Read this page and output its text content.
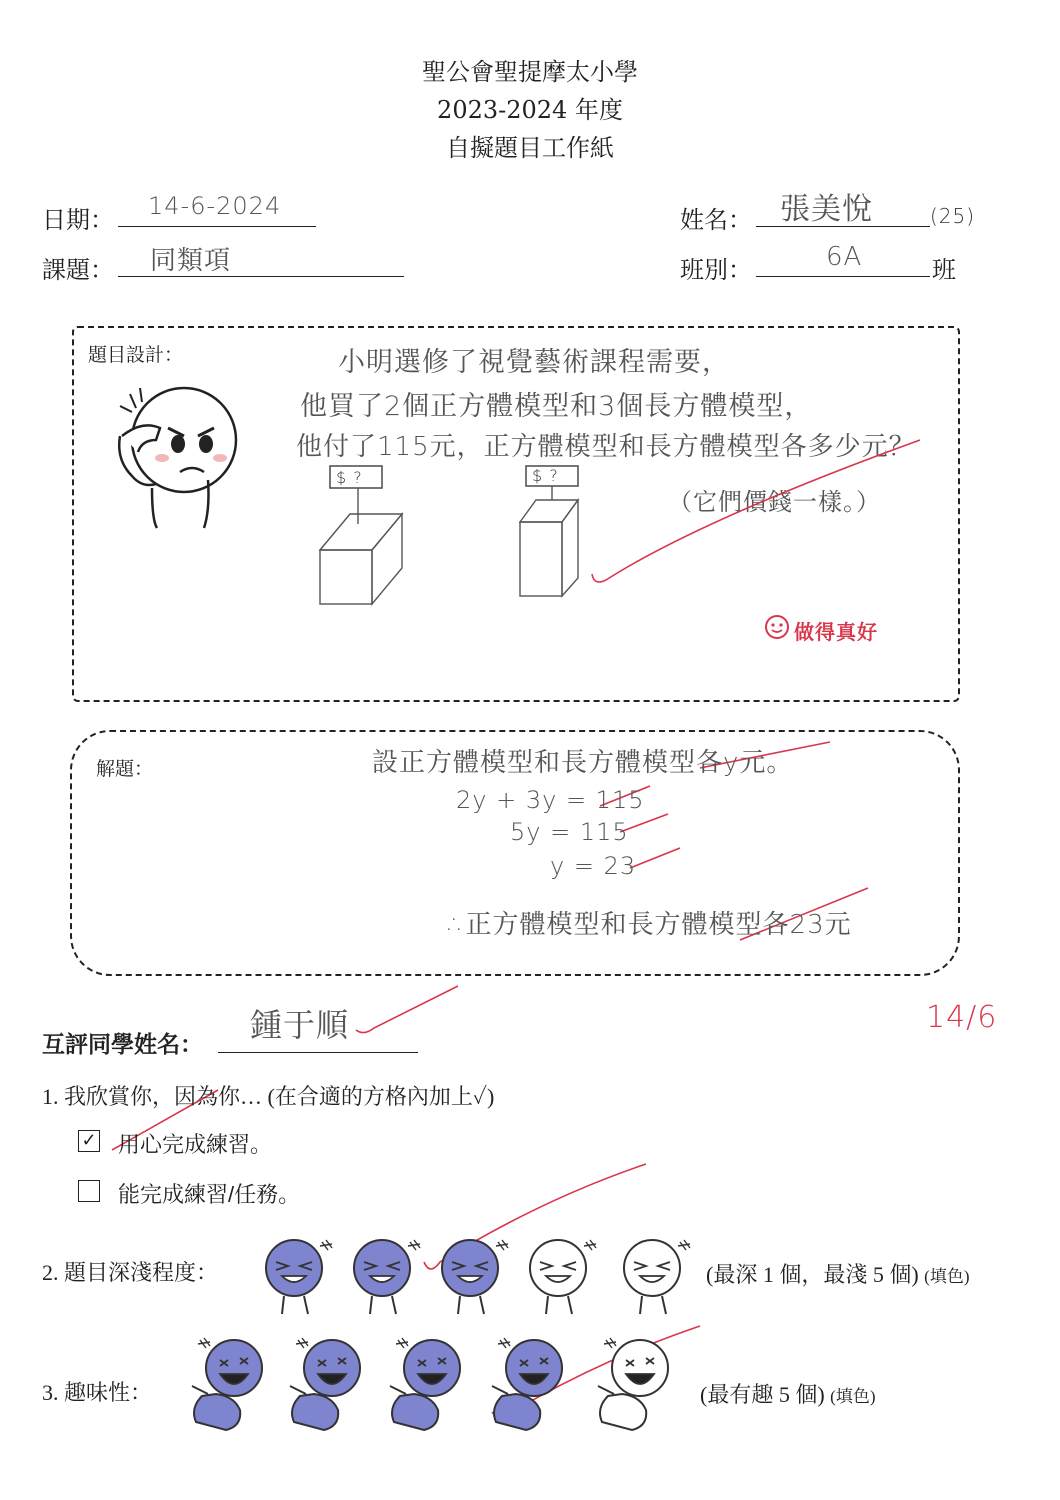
聖公會聖提摩太小學
2023-2024 年度
自擬題目工作紙
日期： 14-6-2024
課題： 同類項
姓名： 張美悅	(25)
班別：	6A	班
題目設計：	小明選修了視覺藝術課程需要，
他買了2個正方體模型和3個長方體模型，
他付了115元，正方體模型和長方體模型各多少元？
（它們價錢一樣。）
$ ?	$ ?
做得真好
解題：	設正方體模型和長方體模型各y元。
2y + 3y = 115
5y = 115
y = 23
∴正方體模型和長方體模型各23元
互評同學姓名： 鍾于順	14/6
1. 我欣賞你，因為你… (在合適的方格內加上✓)
✓ 用心完成練習。
能完成練習/任務。
2. 題目深淺程度：	(最深 1 個，最淺 5 個) (填色)
3. 趣味性：	(最有趣 5 個) (填色)
